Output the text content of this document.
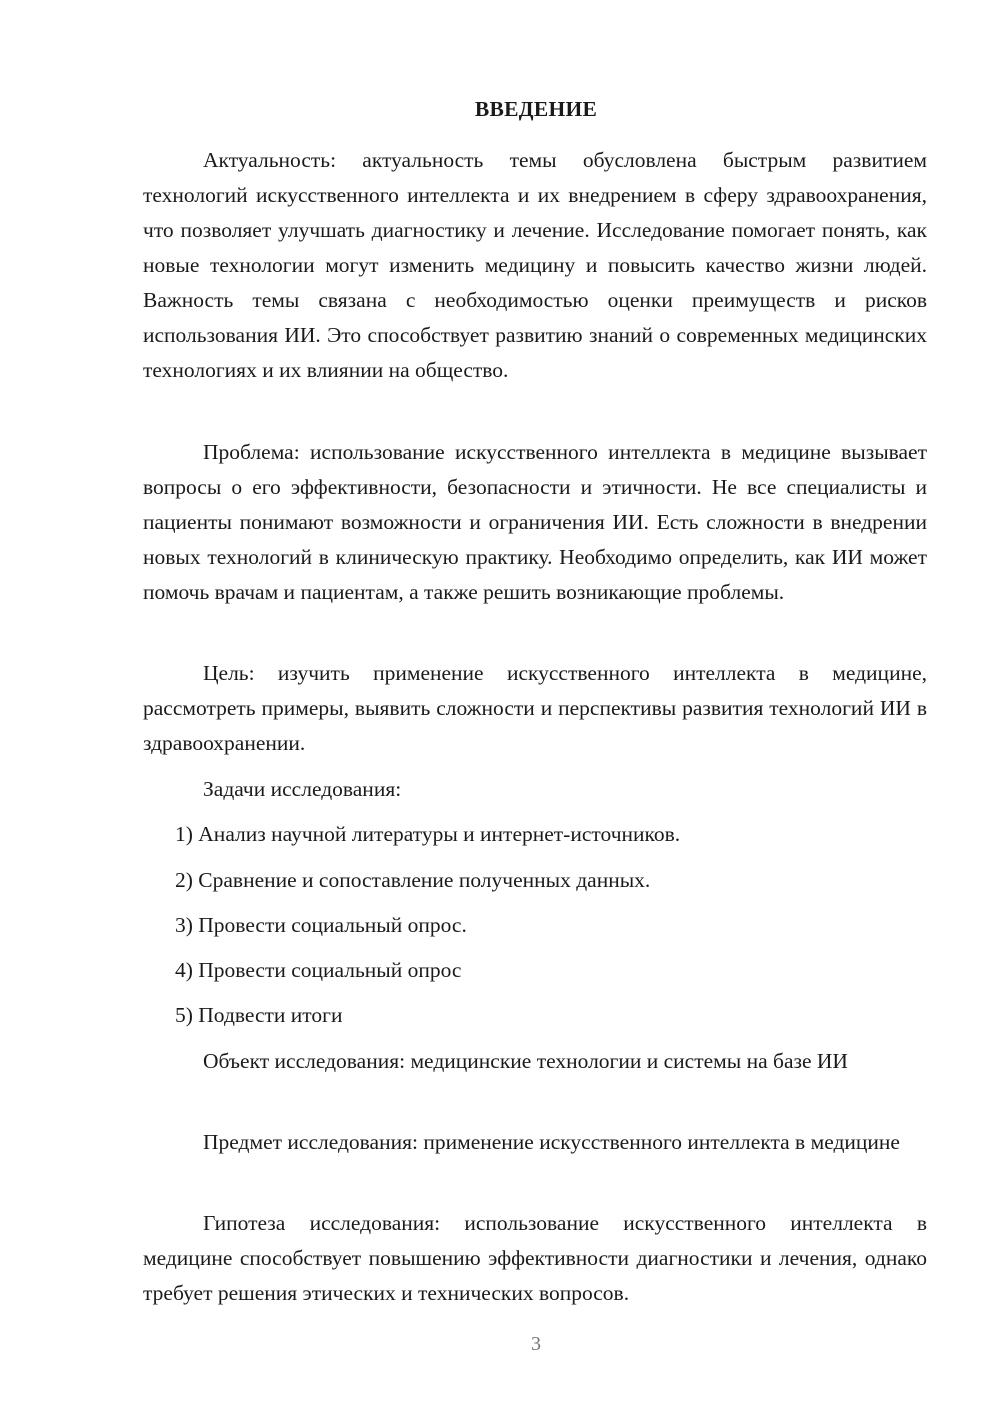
ВВЕДЕНИЕ

Актуальность: актуальность темы обусловлена быстрым развитием технологий искусственного интеллекта и их внедрением в сферу здравоохранения, что позволяет улучшать диагностику и лечение. Исследование помогает понять, как новые технологии могут изменить медицину и повысить качество жизни людей. Важность темы связана с необходимостью оценки преимуществ и рисков использования ИИ. Это способствует развитию знаний о современных медицинских технологиях и их влиянии на общество.

Проблема: использование искусственного интеллекта в медицине вызывает вопросы о его эффективности, безопасности и этичности. Не все специалисты и пациенты понимают возможности и ограничения ИИ. Есть сложности в внедрении новых технологий в клиническую практику. Необходимо определить, как ИИ может помочь врачам и пациентам, а также решить возникающие проблемы.

Цель: изучить применение искусственного интеллекта в медицине, рассмотреть примеры, выявить сложности и перспективы развития технологий ИИ в здравоохранении.

Задачи исследования:

1) Анализ научной литературы и интернет-источников.

2) Сравнение и сопоставление полученных данных.

3) Провести социальный опрос.

4) Провести социальный опрос

5) Подвести итоги

Объект исследования: медицинские технологии и системы на базе ИИ

Предмет исследования: применение искусственного интеллекта в медицине

Гипотеза исследования: использование искусственного интеллекта в медицине способствует повышению эффективности диагностики и лечения, однако требует решения этических и технических вопросов.

3
